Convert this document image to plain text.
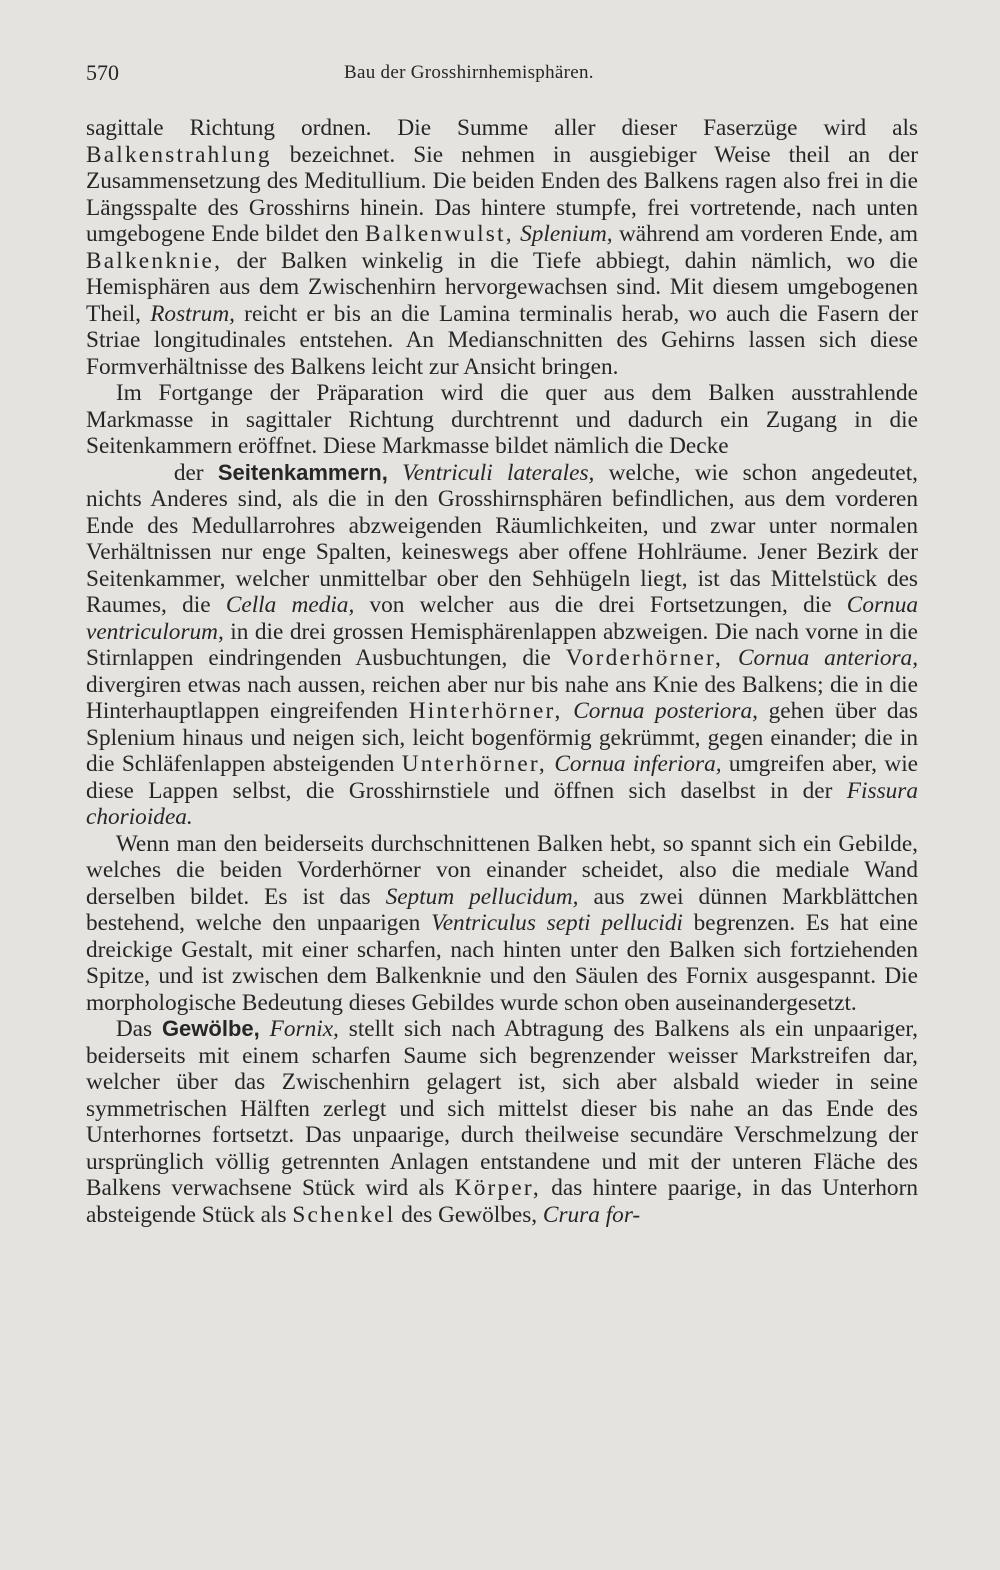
570	Bau der Grosshirnhemisphären.

sagittale Richtung ordnen. Die Summe aller dieser Faserzüge wird als Balkenstrahlung bezeichnet. Sie nehmen in ausgiebiger Weise theil an der Zusammensetzung des Meditullium. Die beiden Enden des Balkens ragen also frei in die Längsspalte des Grosshirns hinein. Das hintere stumpfe, frei vortretende, nach unten umgebogene Ende bildet den Balkenwulst, Splenium, während am vorderen Ende, am Balkenknie, der Balken winkelig in die Tiefe abbiegt, dahin nämlich, wo die Hemisphären aus dem Zwischenhirn hervorgewachsen sind. Mit diesem umgebogenen Theil, Rostrum, reicht er bis an die Lamina terminalis herab, wo auch die Fasern der Striae longitudinales entstehen. An Medianschnitten des Gehirns lassen sich diese Formverhältnisse des Balkens leicht zur Ansicht bringen.

Im Fortgange der Präparation wird die quer aus dem Balken ausstrahlende Markmasse in sagittaler Richtung durchtrennt und dadurch ein Zugang in die Seitenkammern eröffnet. Diese Markmasse bildet nämlich die Decke

der Seitenkammern, Ventriculi laterales, welche, wie schon angedeutet, nichts Anderes sind, als die in den Grosshirnsphären befindlichen, aus dem vorderen Ende des Medullarrohres abzweigenden Räumlichkeiten, und zwar unter normalen Verhältnissen nur enge Spalten, keineswegs aber offene Hohlräume. Jener Bezirk der Seitenkammer, welcher unmittelbar ober den Sehhügeln liegt, ist das Mittelstück des Raumes, die Cella media, von welcher aus die drei Fortsetzungen, die Cornua ventriculorum, in die drei grossen Hemisphärenlappen abzweigen. Die nach vorne in die Stirnlappen eindringenden Ausbuchtungen, die Vorderhörner, Cornua anteriora, divergiren etwas nach aussen, reichen aber nur bis nahe ans Knie des Balkens; die in die Hinterhauptlappen eingreifenden Hinterhörner, Cornua posteriora, gehen über das Splenium hinaus und neigen sich, leicht bogenförmig gekrümmt, gegen einander; die in die Schläfenlappen absteigenden Unterhörner, Cornua inferiora, umgreifen aber, wie diese Lappen selbst, die Grosshirnstiele und öffnen sich daselbst in der Fissura chorioidea.

Wenn man den beiderseits durchschnittenen Balken hebt, so spannt sich ein Gebilde, welches die beiden Vorderhörner von einander scheidet, also die mediale Wand derselben bildet. Es ist das Septum pellucidum, aus zwei dünnen Markblättchen bestehend, welche den unpaarigen Ventriculus septi pellucidi begrenzen. Es hat eine dreickige Gestalt, mit einer scharfen, nach hinten unter den Balken sich fortziehenden Spitze, und ist zwischen dem Balkenknie und den Säulen des Fornix ausgespannt. Die morphologische Bedeutung dieses Gebildes wurde schon oben auseinandergesetzt.

Das Gewölbe, Fornix, stellt sich nach Abtragung des Balkens als ein unpaariger, beiderseits mit einem scharfen Saume sich begrenzender weisser Markstreifen dar, welcher über das Zwischenhirn gelagert ist, sich aber alsbald wieder in seine symmetrischen Hälften zerlegt und sich mittelst dieser bis nahe an das Ende des Unterhornes fortsetzt. Das unpaarige, durch theilweise secundäre Verschmelzung der ursprünglich völlig getrennten Anlagen entstandene und mit der unteren Fläche des Balkens verwachsene Stück wird als Körper, das hintere paarige, in das Unterhorn absteigende Stück als Schenkel des Gewölbes, Crura for-
